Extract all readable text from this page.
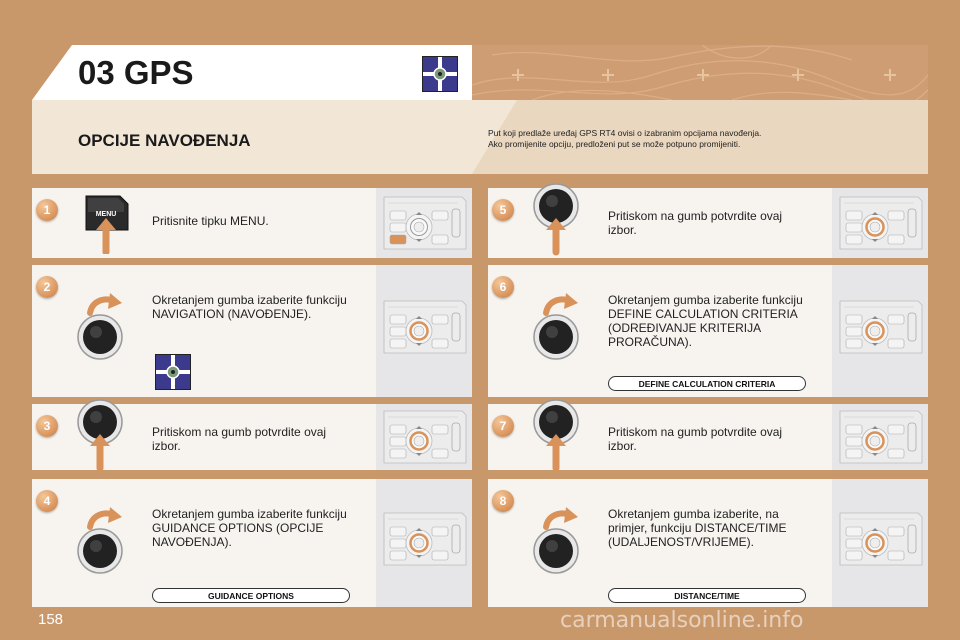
03 GPS
OPCIJE NAVOĐENJA	Put koji predlaže uređaj GPS RT4 ovisi o izabranim opcijama navođenja.
Ako promijenite opciju, predloženi put se može potpuno promijeniti.
1	MENU	Pritisnite tipku MENU.
2
Okretanjem gumba izaberite funkciju
NAVIGATION (NAVOĐENJE).
3	Pritiskom na gumb potvrdite ovaj
izbor.
4
Okretanjem gumba izaberite funkciju
GUIDANCE OPTIONS (OPCIJE
NAVOĐENJA).
GUIDANCE OPTIONS
5	Pritiskom na gumb potvrdite ovaj
izbor.
6
Okretanjem gumba izaberite funkciju
DEFINE CALCULATION CRITERIA
(ODREĐIVANJE KRITERIJA
PRORAČUNA).
DEFINE CALCULATION CRITERIA
7	Pritiskom na gumb potvrdite ovaj
izbor.
8
Okretanjem gumba izaberite, na
primjer, funkciju DISTANCE/TIME
(UDALJENOST/VRIJEME).
DISTANCE/TIME
158	carmanualsonline.info
